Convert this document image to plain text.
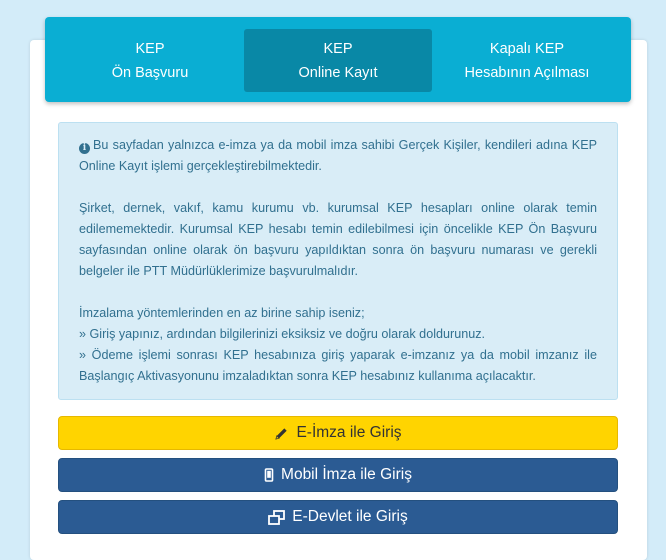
KEP
Ön Başvuru
KEP
Online Kayıt
Kapalı KEP
Hesabının Açılması

i Bu sayfadan yalnızca e-imza ya da mobil imza sahibi Gerçek Kişiler, kendileri adına KEP Online Kayıt işlemi gerçekleştirebilmektedir.

Şirket, dernek, vakıf, kamu kurumu vb. kurumsal KEP hesapları online olarak temin edilememektedir. Kurumsal KEP hesabı temin edilebilmesi için öncelikle KEP Ön Başvuru sayfasından online olarak ön başvuru yapıldıktan sonra ön başvuru numarası ve gerekli belgeler ile PTT Müdürlüklerimize başvurulmalıdır.

İmzalama yöntemlerinden en az birine sahip iseniz;

» Giriş yapınız, ardından bilgilerinizi eksiksiz ve doğru olarak doldurunuz.

» Ödeme işlemi sonrası KEP hesabınıza giriş yaparak e-imzanız ya da mobil imzanız ile Başlangıç Aktivasyonunu imzaladıktan sonra KEP hesabınız kullanıma açılacaktır.

E-İmza ile Giriş
Mobil İmza ile Giriş
E-Devlet ile Giriş
